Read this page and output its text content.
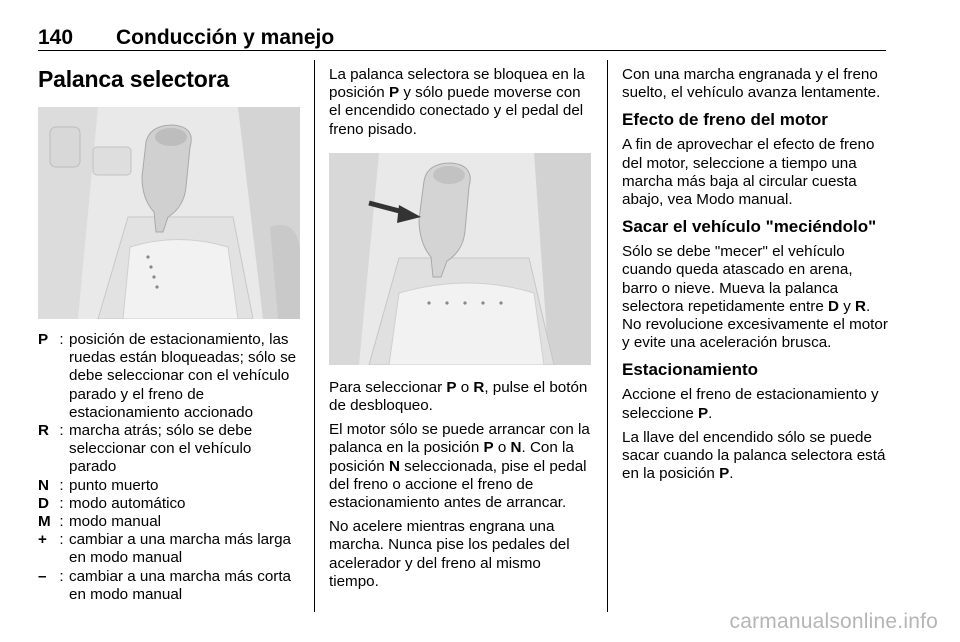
140 Conducción y manejo
Palanca selectora
P : posición de estacionamiento, las ruedas están bloqueadas; sólo se debe seleccionar con el vehículo parado y el freno de estacionamiento accionado
R : marcha atrás; sólo se debe seleccionar con el vehículo parado
N : punto muerto
D : modo automático
M : modo manual
+ : cambiar a una marcha más larga en modo manual
– : cambiar a una marcha más corta en modo manual

La palanca selectora se bloquea en la posición P y sólo puede moverse con el encendido conectado y el pedal del freno pisado.

Para seleccionar P o R, pulse el botón de desbloqueo.

El motor sólo se puede arrancar con la palanca en la posición P o N. Con la posición N seleccionada, pise el pedal del freno o accione el freno de estacionamiento antes de arrancar.

No acelere mientras engrana una marcha. Nunca pise los pedales del acelerador y del freno al mismo tiempo.

Con una marcha engranada y el freno suelto, el vehículo avanza lentamente.

Efecto de freno del motor

A fin de aprovechar el efecto de freno del motor, seleccione a tiempo una marcha más baja al circular cuesta abajo, vea Modo manual.

Sacar el vehículo "meciéndolo"

Sólo se debe "mecer" el vehículo cuando queda atascado en arena, barro o nieve. Mueva la palanca selectora repetidamente entre D y R. No revolucione excesivamente el motor y evite una aceleración brusca.

Estacionamiento

Accione el freno de estacionamiento y seleccione P.

La llave del encendido sólo se puede sacar cuando la palanca selectora está en la posición P.

carmanualsonline.info
